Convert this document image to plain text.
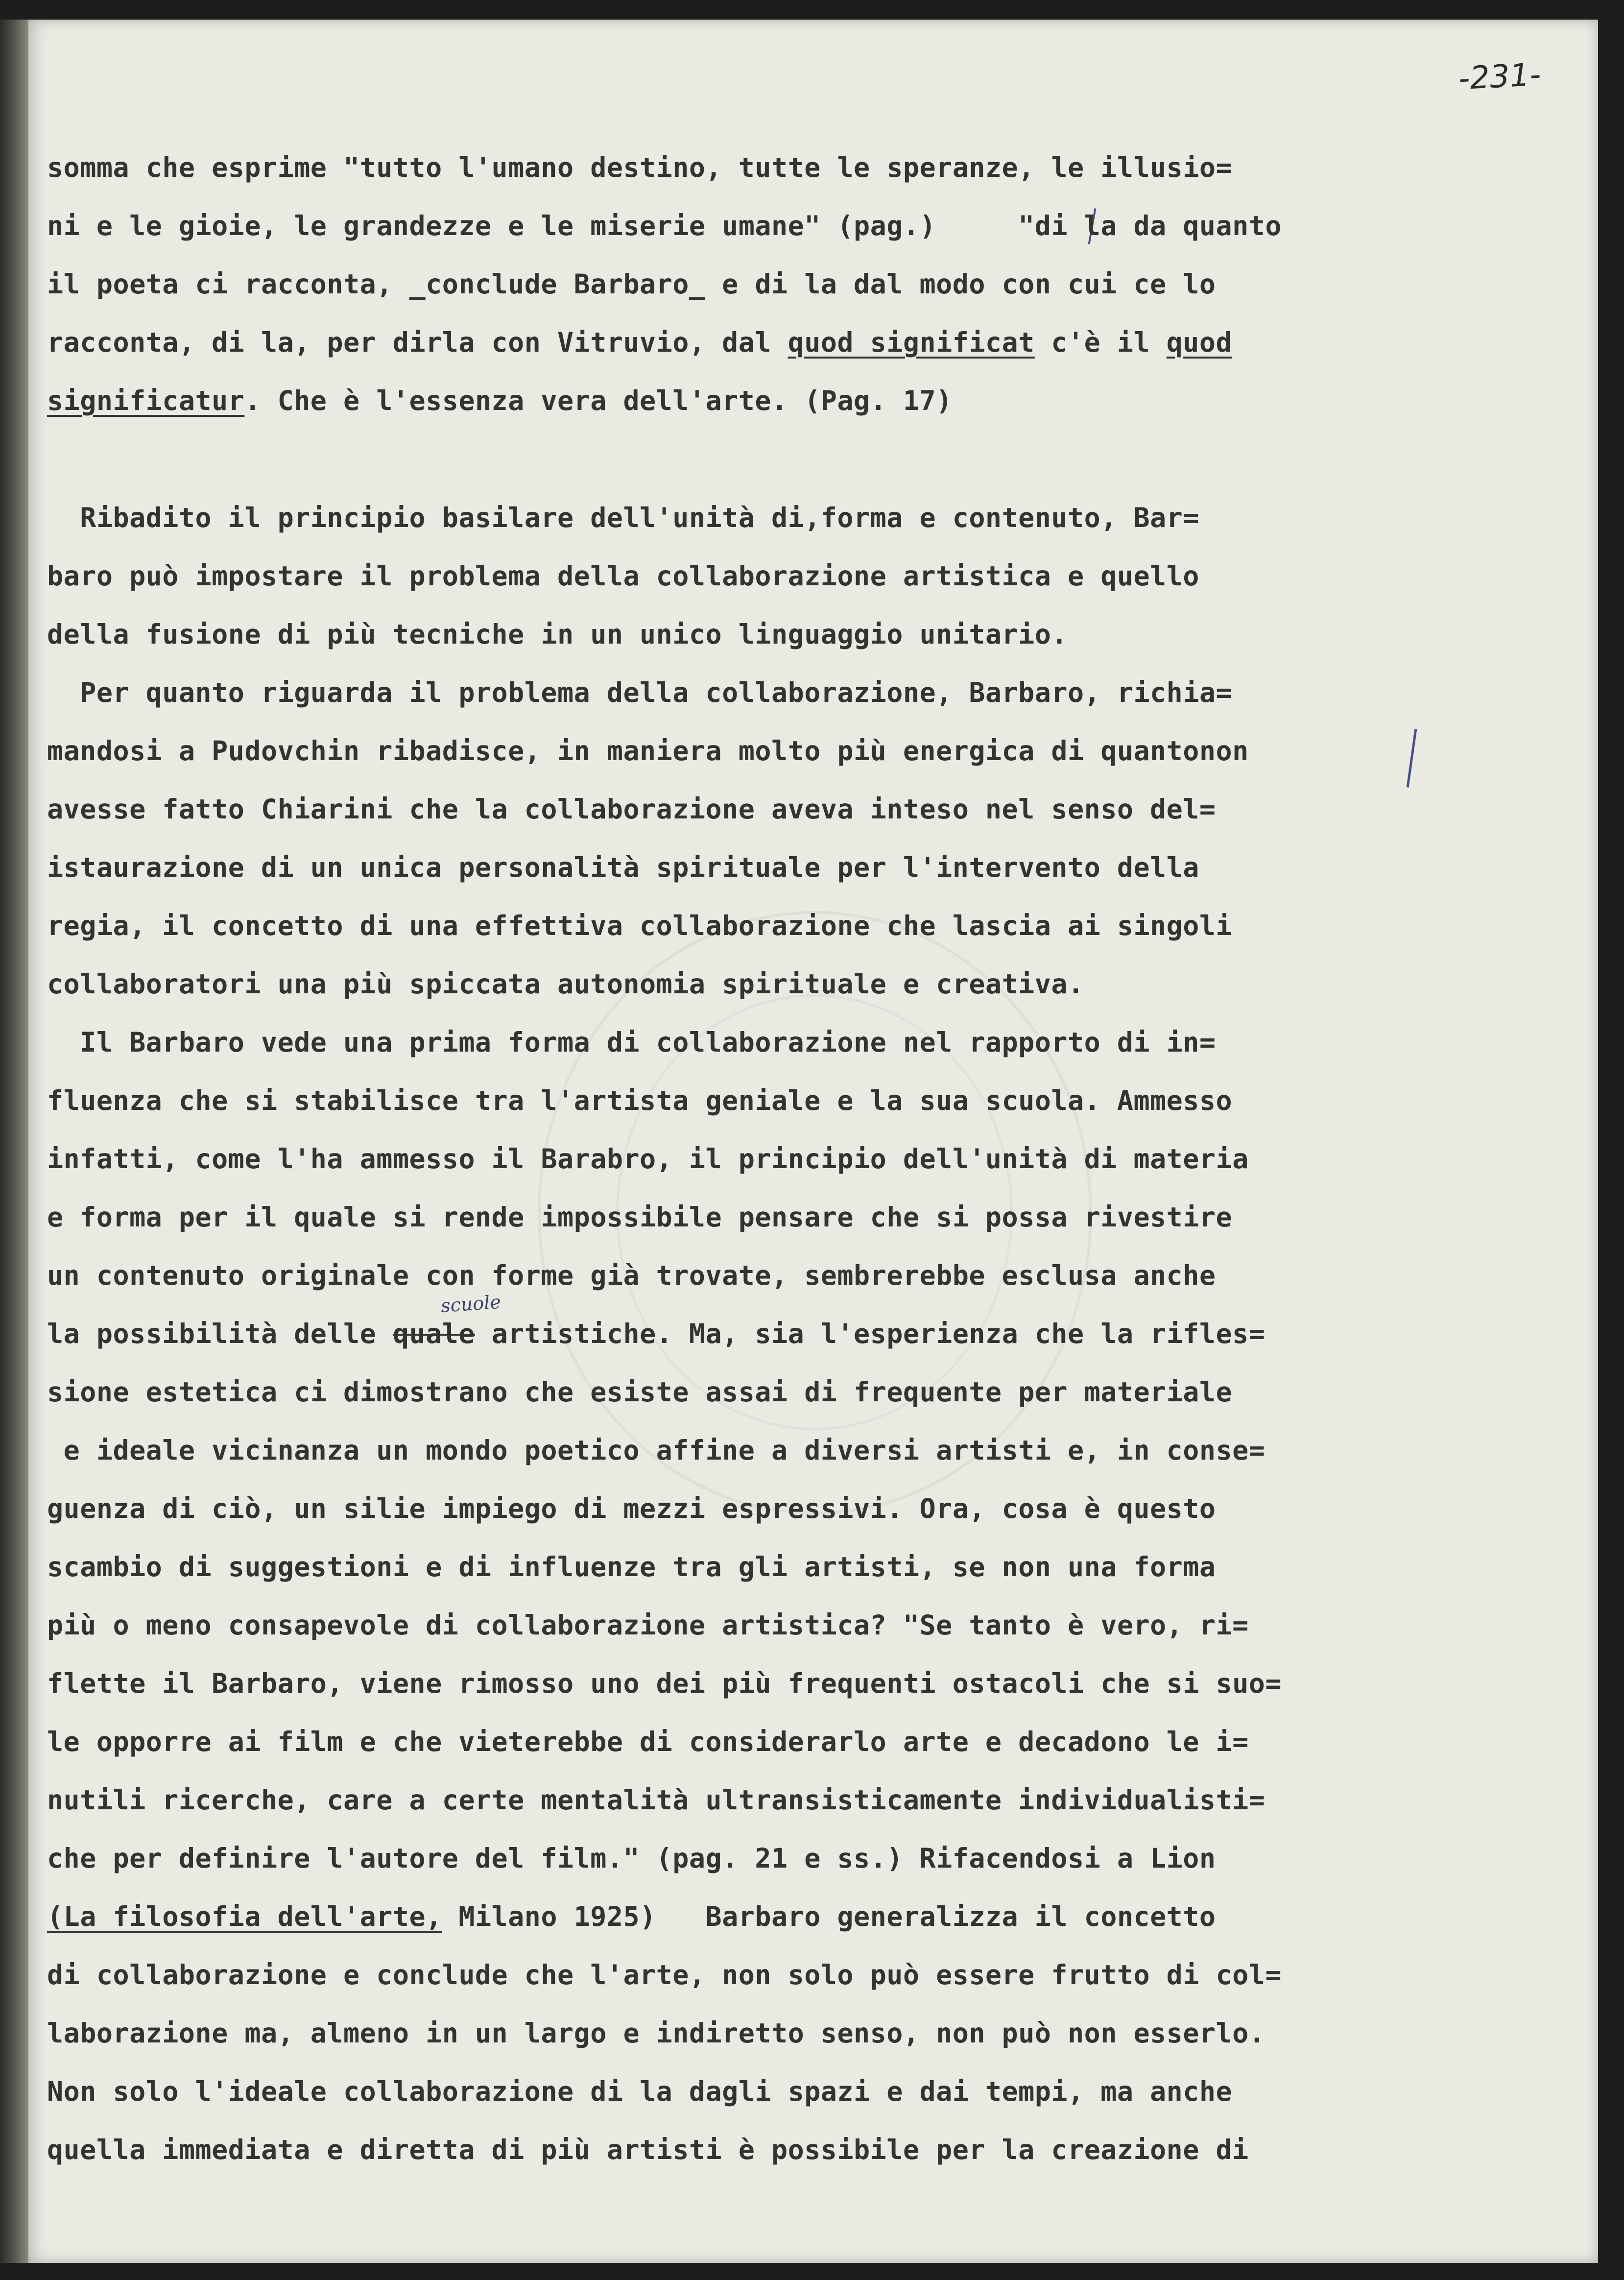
-231-
scuole
somma che esprime "tutto l'umano destino, tutte le speranze, le illusio=
ni e le gioie, le grandezze e le miserie umane" (pag.)     "di la da quanto
il poeta ci racconta, _conclude Barbaro_ e di la dal modo con cui ce lo
racconta, di la, per dirla con Vitruvio, dal quod significat c'è il quod
significatur. Che è l'essenza vera dell'arte. (Pag. 17)
Ribadito il principio basilare dell'unità di,forma e contenuto, Bar=
baro può impostare il problema della collaborazione artistica e quello
della fusione di più tecniche in un unico linguaggio unitario.
Per quanto riguarda il problema della collaborazione, Barbaro, richia=
mandosi a Pudovchin ribadisce, in maniera molto più energica di quantonon
avesse fatto Chiarini che la collaborazione aveva inteso nel senso del=
istaurazione di un unica personalità spirituale per l'intervento della
regia, il concetto di una effettiva collaborazione che lascia ai singoli
collaboratori una più spiccata autonomia spirituale e creativa.
Il Barbaro vede una prima forma di collaborazione nel rapporto di in=
fluenza che si stabilisce tra l'artista geniale e la sua scuola. Ammesso
infatti, come l'ha ammesso il Barabro, il principio dell'unità di materia
e forma per il quale si rende impossibile pensare che si possa rivestire
un contenuto originale con forme già trovate, sembrerebbe esclusa anche
la possibilità delle quale artistiche. Ma, sia l'esperienza che la rifles=
sione estetica ci dimostrano che esiste assai di frequente per materiale
e ideale vicinanza un mondo poetico affine a diversi artisti e, in conse=
guenza di ciò, un silie impiego di mezzi espressivi. Ora, cosa è questo
scambio di suggestioni e di influenze tra gli artisti, se non una forma
più o meno consapevole di collaborazione artistica? "Se tanto è vero, ri=
flette il Barbaro, viene rimosso uno dei più frequenti ostacoli che si suo=
le opporre ai film e che vieterebbe di considerarlo arte e decadono le i=
nutili ricerche, care a certe mentalità ultransisticamente individualisti=
che per definire l'autore del film." (pag. 21 e ss.) Rifacendosi a Lion
(La filosofia dell'arte, Milano 1925)   Barbaro generalizza il concetto
di collaborazione e conclude che l'arte, non solo può essere frutto di col=
laborazione ma, almeno in un largo e indiretto senso, non può non esserlo.
Non solo l'ideale collaborazione di la dagli spazi e dai tempi, ma anche
quella immediata e diretta di più artisti è possibile per la creazione di
